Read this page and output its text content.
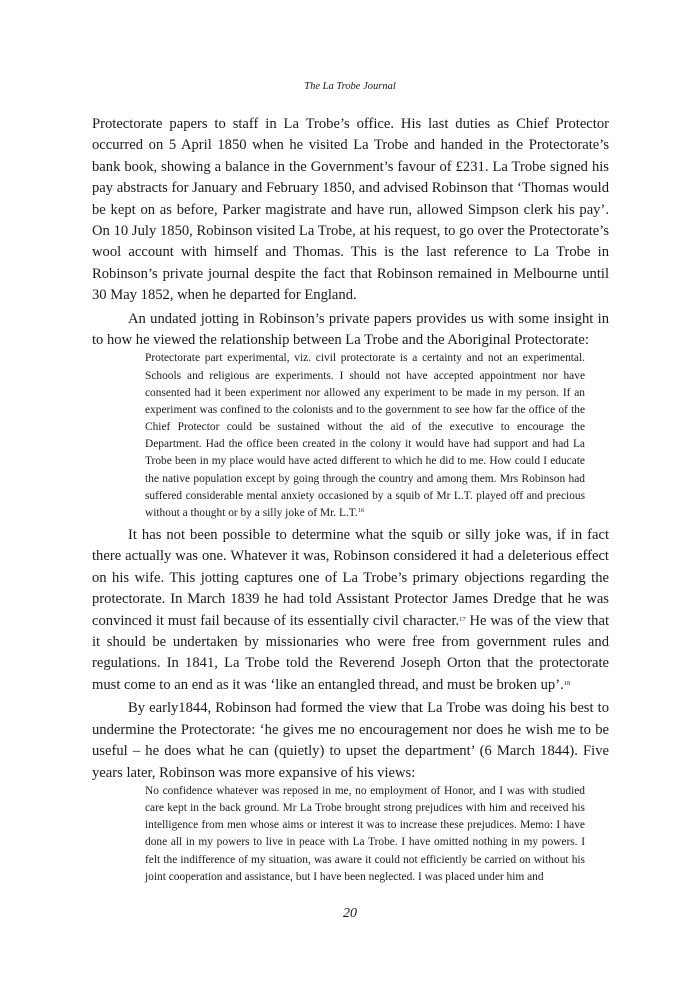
The La Trobe Journal

Protectorate papers to staff in La Trobe’s office. His last duties as Chief Protector occurred on 5 April 1850 when he visited La Trobe and handed in the Protectorate’s bank book, showing a balance in the Government’s favour of £231. La Trobe signed his pay abstracts for January and February 1850, and advised Robinson that ‘Thomas would be kept on as before, Parker magistrate and have run, allowed Simpson clerk his pay’. On 10 July 1850, Robinson visited La Trobe, at his request, to go over the Protectorate’s wool account with himself and Thomas. This is the last reference to La Trobe in Robinson’s private journal despite the fact that Robinson remained in Melbourne until 30 May 1852, when he departed for England.

An undated jotting in Robinson’s private papers provides us with some insight in to how he viewed the relationship between La Trobe and the Aboriginal Protectorate:

Protectorate part experimental, viz. civil protectorate is a certainty and not an experimental. Schools and religious are experiments. I should not have accepted appointment nor have consented had it been experiment nor allowed any experiment to be made in my person. If an experiment was confined to the colonists and to the government to see how far the office of the Chief Protector could be sustained without the aid of the executive to encourage the Department. Had the office been created in the colony it would have had support and had La Trobe been in my place would have acted different to which he did to me. How could I educate the native population except by going through the country and among them. Mrs Robinson had suffered considerable mental anxiety occasioned by a squib of Mr L.T. played off and precious without a thought or by a silly joke of Mr. L.T.$^{16}$

It has not been possible to determine what the squib or silly joke was, if in fact there actually was one. Whatever it was, Robinson considered it had a deleterious effect on his wife. This jotting captures one of La Trobe’s primary objections regarding the protectorate. In March 1839 he had told Assistant Protector James Dredge that he was convinced it must fail because of its essentially civil character.$^{17}$ He was of the view that it should be undertaken by missionaries who were free from government rules and regulations. In 1841, La Trobe told the Reverend Joseph Orton that the protectorate must come to an end as it was ‘like an entangled thread, and must be broken up’.$^{18}$

By early1844, Robinson had formed the view that La Trobe was doing his best to undermine the Protectorate: ‘he gives me no encouragement nor does he wish me to be useful – he does what he can (quietly) to upset the department’ (6 March 1844). Five years later, Robinson was more expansive of his views:

No confidence whatever was reposed in me, no employment of Honor, and I was with studied care kept in the back ground. Mr La Trobe brought strong prejudices with him and received his intelligence from men whose aims or interest it was to increase these prejudices. Memo: I have done all in my powers to live in peace with La Trobe. I have omitted nothing in my powers. I felt the indifference of my situation, was aware it could not efficiently be carried on without his joint cooperation and assistance, but I have been neglected. I was placed under him and

20
